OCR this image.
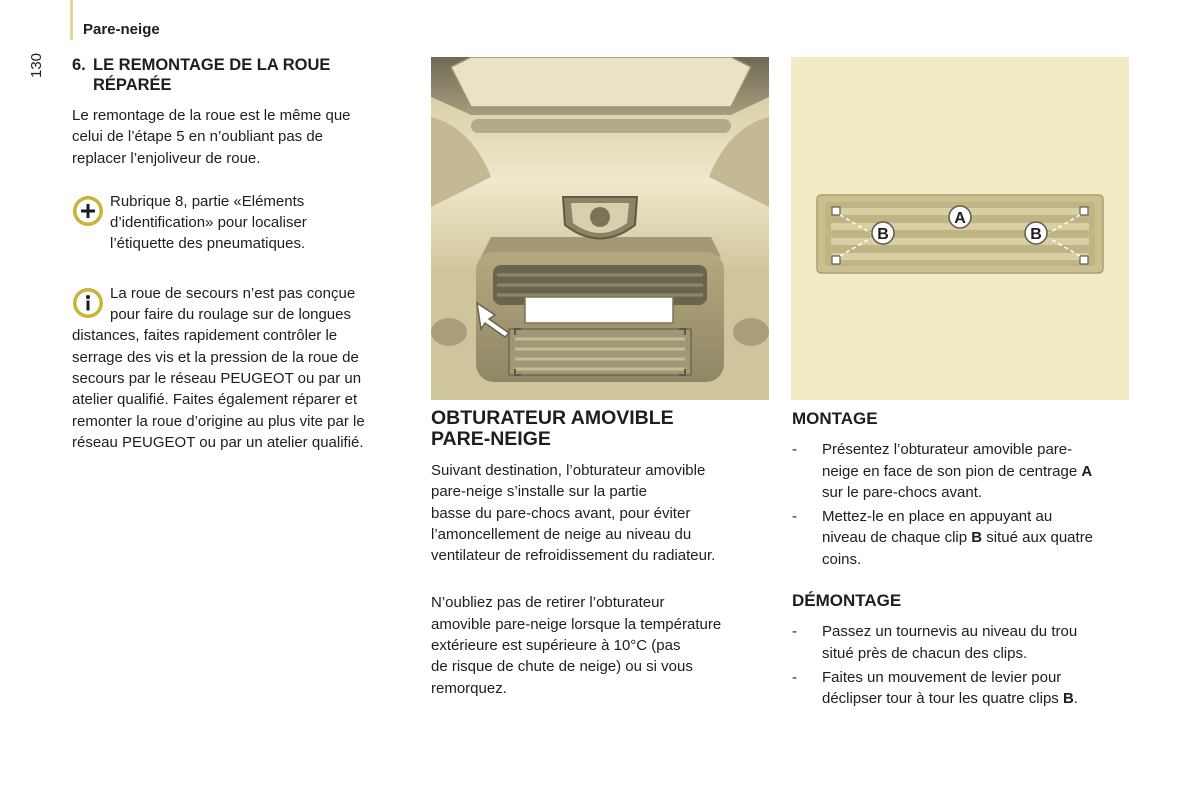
Pare-neige
130 6. LE REMONTAGE DE LA ROUE RÉPARÉE

Le remontage de la roue est le même que
celui de l’étape 5 en n’oubliant pas de
replacer l’enjoliveur de roue.

Rubrique 8, partie «Eléments
d’identification» pour localiser
l’étiquette des pneumatiques.
La roue de secours n’est pas conçue
pour faire du roulage sur de longues
distances, faites rapidement contrôler le
serrage des vis et la pression de la roue de
secours par le réseau PEUGEOT ou par un
atelier qualifié. Faites également réparer et
remonter la roue d’origine au plus vite par le
réseau PEUGEOT ou par un atelier qualifié.
A
B	B
OBTURATEUR AMOVIBLE
PARE-NEIGE

Suivant destination, l’obturateur amovible
pare-neige s’installe sur la partie
basse du pare-chocs avant, pour éviter
l’amoncellement de neige au niveau du
ventilateur de refroidissement du radiateur.

N’oubliez pas de retirer l’obturateur
amovible pare-neige lorsque la température
extérieure est supérieure à 10°C (pas
de risque de chute de neige) ou si vous
remorquez.

MONTAGE
- Présentez l’obturateur amovible pare-
neige en face de son pion de centrage A
sur le pare-chocs avant.
- Mettez-le en place en appuyant au
niveau de chaque clip B situé aux quatre
coins.
DÉMONTAGE
- Passez un tournevis au niveau du trou
situé près de chacun des clips.
- Faites un mouvement de levier pour
déclipser tour à tour les quatre clips B.
